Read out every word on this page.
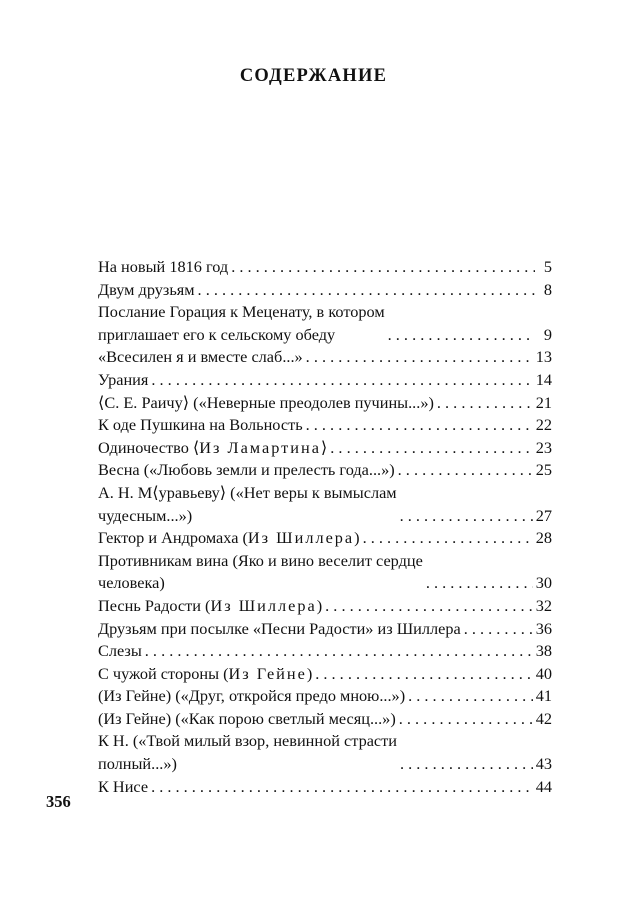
СОДЕРЖАНИЕ
На новый 1816 год . . .	5
Двум друзьям . . .	8
Послание Горация к Меценату, в котором
приглашает его к сельскому обеду . . .	9
«Всесилен я и вместе слаб...» . . .	13
Урания . . .	14
⟨С. Е. Раичу⟩ («Неверные преодолев пучины...») . . .	21
К оде Пушкина на Вольность . . .	22
Одиночество ⟨Из Ламартина⟩ . . .	23
Весна («Любовь земли и прелесть года...») . . .	25
А. Н. М⟨уравьеву⟩ («Нет веры к вымыслам
чудесным...») . . .	27
Гектор и Андромаха (Из Шиллера) . . .	28
Противникам вина (Яко и вино веселит сердце
человека) . . .	30
Песнь Радости (Из Шиллера) . . .	32
Друзьям при посылке «Песни Радости» из Шиллера . . .	36
Слезы . . .	38
С чужой стороны (Из Гейне) . . .	40
(Из Гейне) («Друг, откройся предо мною...») . . .	41
(Из Гейне) («Как порою светлый месяц...») . . .	42
К Н. («Твой милый взор, невинной страсти
полный...») . . .	43
К Нисе . . .	44
356
